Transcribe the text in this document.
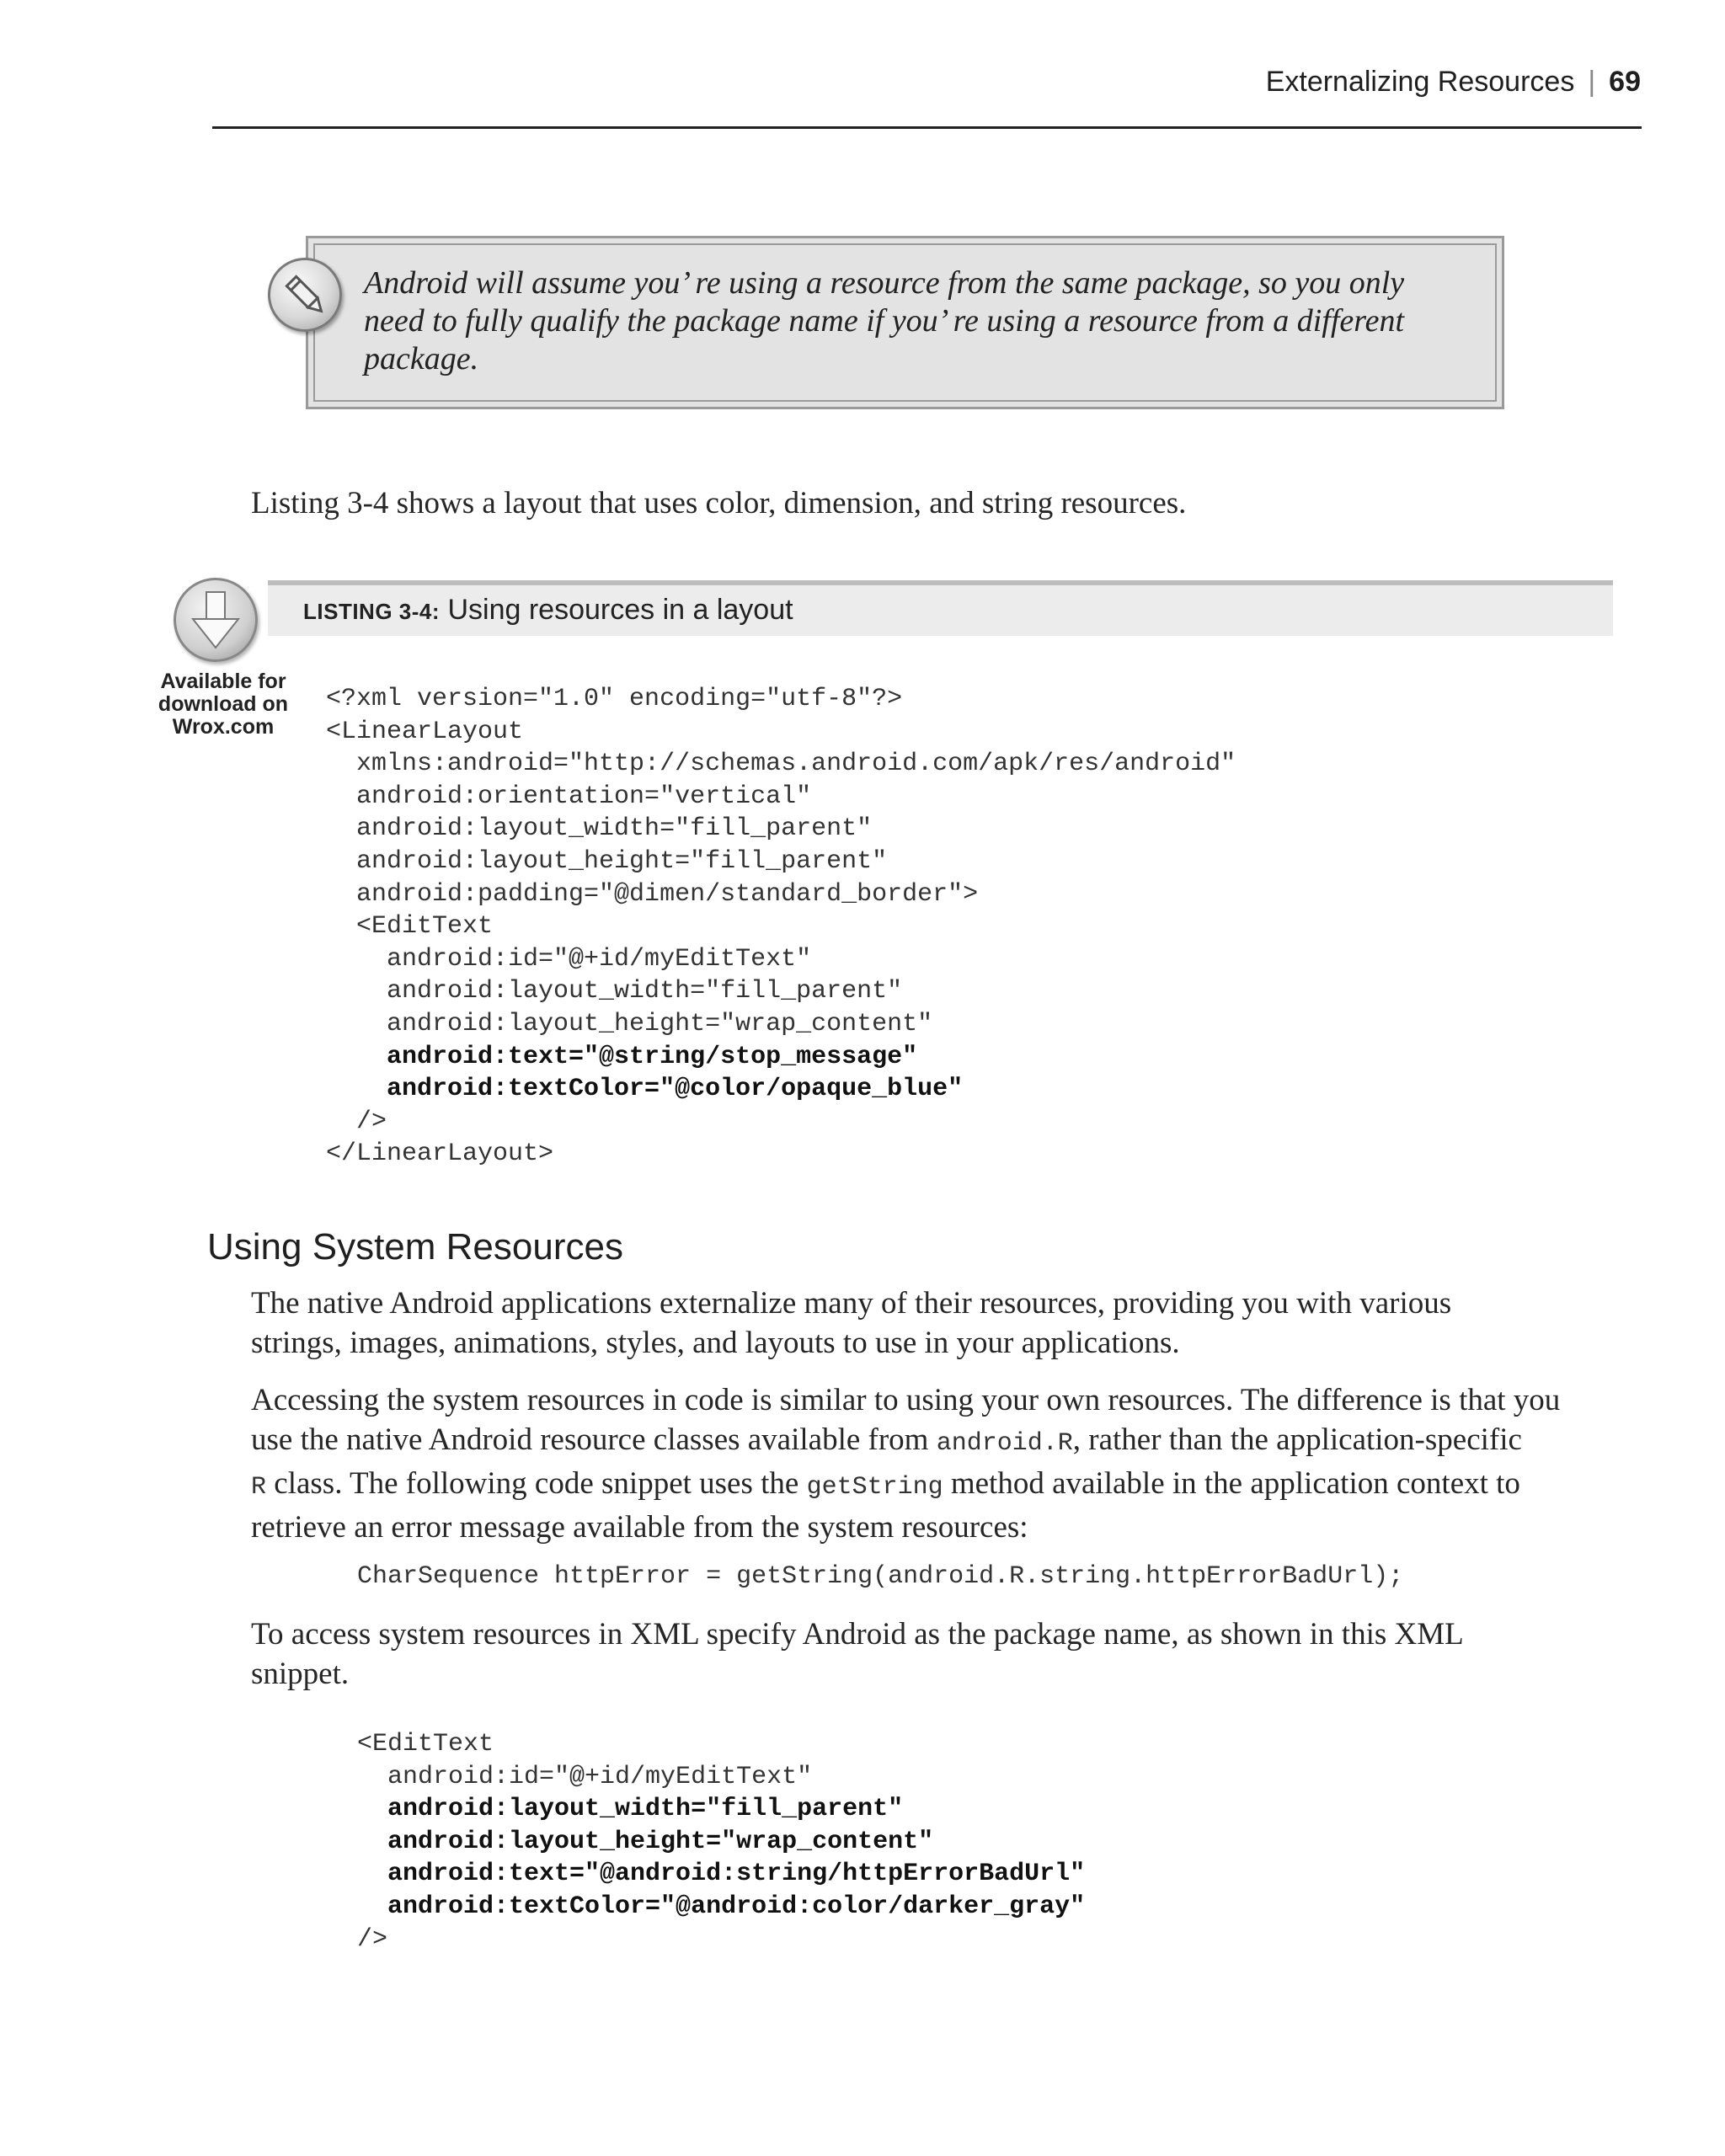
Externalizing Resources | 69
Android will assume you’ re using a resource from the same package, so you only
need to fully qualify the package name if you’ re using a resource from a different
package.
Listing 3-4 shows a layout that uses color, dimension, and string resources.
LISTING 3-4: Using resources in a layout
Available for
download on
Wrox.com
<?xml version="1.0" encoding="utf-8"?>
<LinearLayout
xmlns:android="http://schemas.android.com/apk/res/android"
android:orientation="vertical"
android:layout_width="fill_parent"
android:layout_height="fill_parent"
android:padding="@dimen/standard_border">
<EditText
android:id="@+id/myEditText"
android:layout_width="fill_parent"
android:layout_height="wrap_content"
android:text="@string/stop_message"
android:textColor="@color/opaque_blue"
/>
</LinearLayout>
Using System Resources
The native Android applications externalize many of their resources, providing you with various
strings, images, animations, styles, and layouts to use in your applications.
Accessing the system resources in code is similar to using your own resources. The difference is that you
use the native Android resource classes available from android.R, rather than the application-specific
R class. The following code snippet uses the getString method available in the application context to
retrieve an error message available from the system resources:
CharSequence httpError = getString(android.R.string.httpErrorBadUrl);
To access system resources in XML specify Android as the package name, as shown in this XML
snippet.
<EditText
android:id="@+id/myEditText"
android:layout_width="fill_parent"
android:layout_height="wrap_content"
android:text="@android:string/httpErrorBadUrl"
android:textColor="@android:color/darker_gray"
/>
